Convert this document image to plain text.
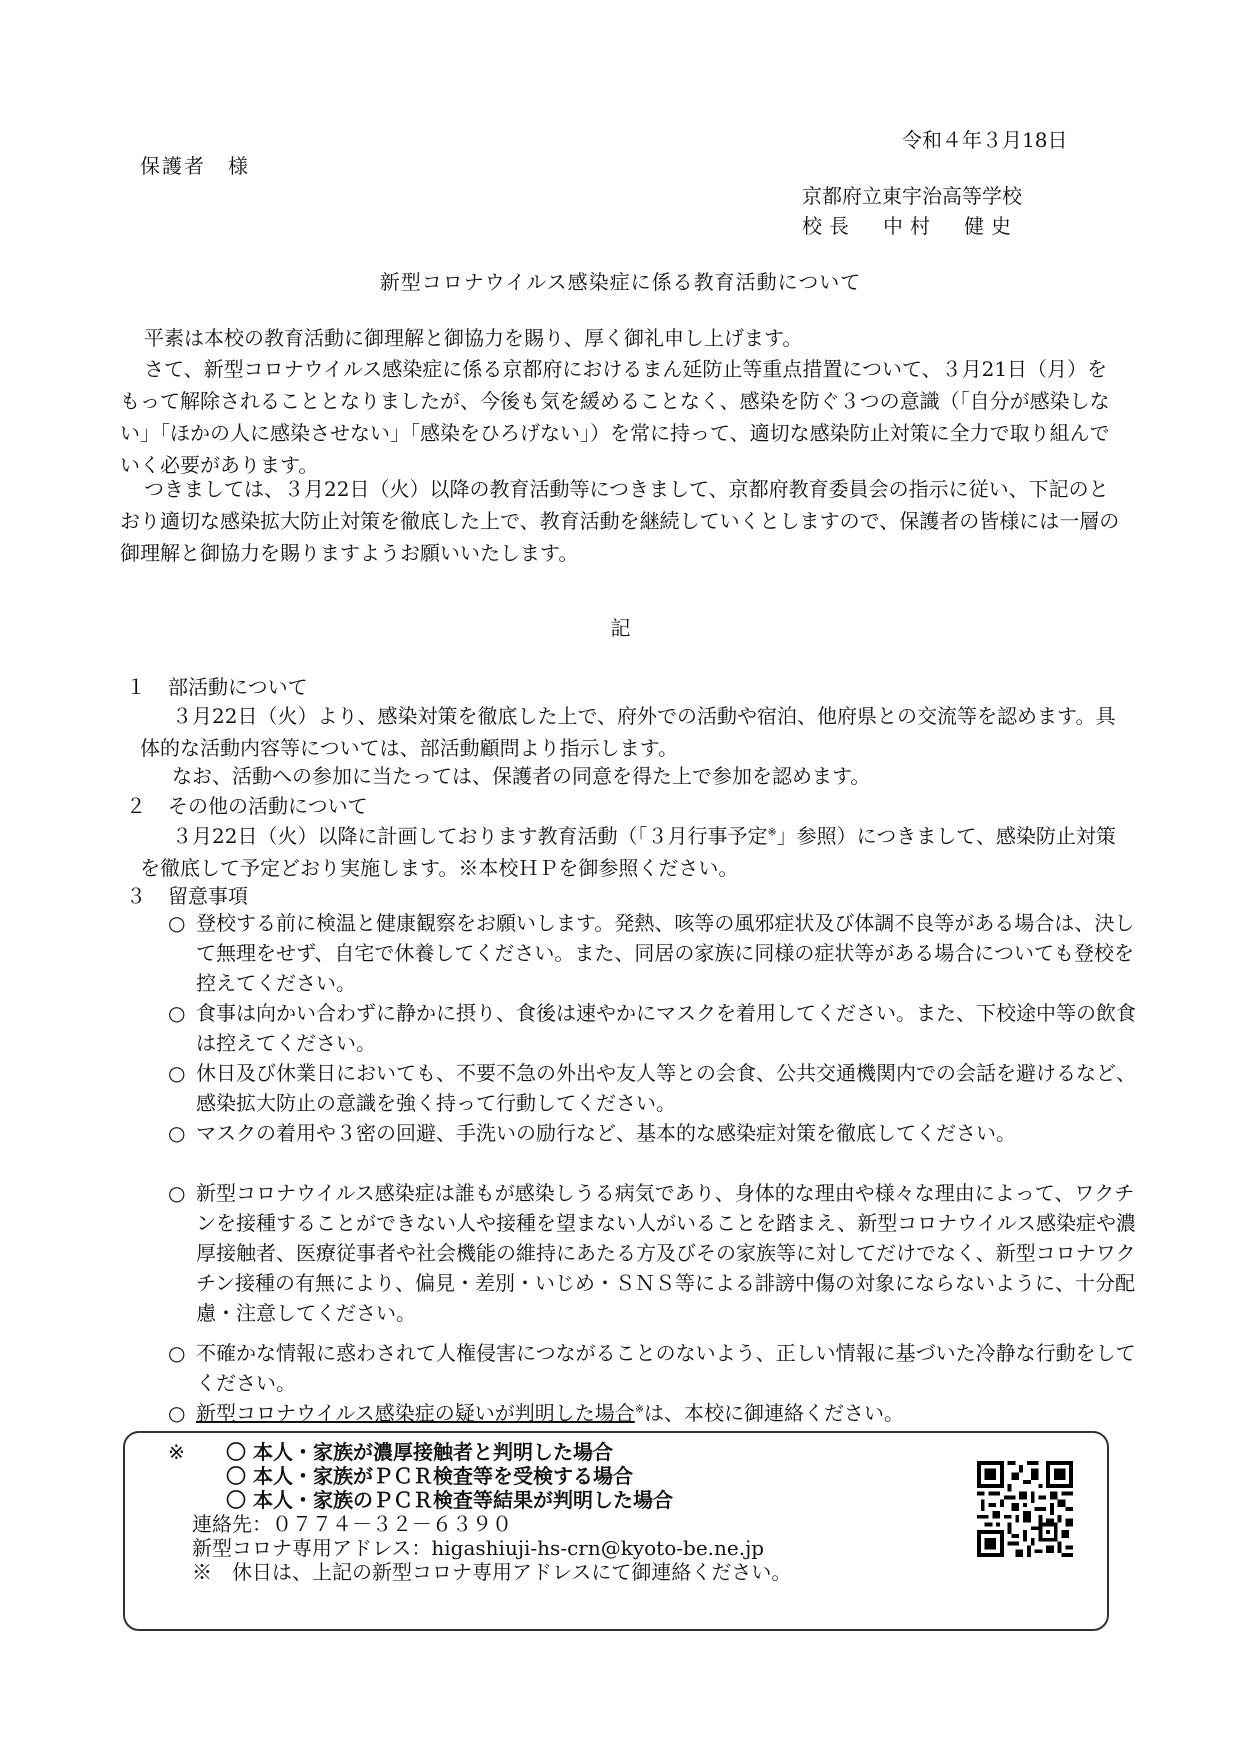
令和４年３月18日
保護者　様
京都府立東宇治高等学校
校長　中村　健史
新型コロナウイルス感染症に係る教育活動について
平素は本校の教育活動に御理解と御協力を賜り、厚く御礼申し上げます。
さて、新型コロナウイルス感染症に係る京都府におけるまん延防止等重点措置について、３月21日（月）をもって解除されることとなりましたが、今後も気を緩めることなく、感染を防ぐ３つの意識（「自分が感染しない」「ほかの人に感染させない」「感染をひろげない」）を常に持って、適切な感染防止対策に全力で取り組んでいく必要があります。
つきましては、３月22日（火）以降の教育活動等につきまして、京都府教育委員会の指示に従い、下記のとおり適切な感染拡大防止対策を徹底した上で、教育活動を継続していくとしますので、保護者の皆様には一層の御理解と御協力を賜りますようお願いいたします。
記
１ 部活動について
３月22日（火）より、感染対策を徹底した上で、府外での活動や宿泊、他府県との交流等を認めます。具体的な活動内容等については、部活動顧問より指示します。
なお、活動への参加に当たっては、保護者の同意を得た上で参加を認めます。
２ その他の活動について
３月22日（火）以降に計画しております教育活動（「３月行事予定※」参照）につきまして、感染防止対策を徹底して予定どおり実施します。※本校ＨＰを御参照ください。
３ 留意事項
○ 登校する前に検温と健康観察をお願いします。発熱、咳等の風邪症状及び体調不良等がある場合は、決して無理をせず、自宅で休養してください。また、同居の家族に同様の症状等がある場合についても登校を控えてください。
○ 食事は向かい合わずに静かに摂り、食後は速やかにマスクを着用してください。また、下校途中等の飲食は控えてください。
○ 休日及び休業日においても、不要不急の外出や友人等との会食、公共交通機関内での会話を避けるなど、感染拡大防止の意識を強く持って行動してください。
○ マスクの着用や３密の回避、手洗いの励行など、基本的な感染症対策を徹底してください。
○ 新型コロナウイルス感染症は誰もが感染しうる病気であり、身体的な理由や様々な理由によって、ワクチンを接種することができない人や接種を望まない人がいることを踏まえ、新型コロナウイルス感染症や濃厚接触者、医療従事者や社会機能の維持にあたる方及びその家族等に対してだけでなく、新型コロナワクチン接種の有無により、偏見・差別・いじめ・ＳＮＳ等による誹謗中傷の対象にならないように、十分配慮・注意してください。
○ 不確かな情報に惑わされて人権侵害につながることのないよう、正しい情報に基づいた冷静な行動をしてください。
○ 新型コロナウイルス感染症の疑いが判明した場合※は、本校に御連絡ください。
※ 〇 本人・家族が濃厚接触者と判明した場合
〇 本人・家族がＰＣＲ検査等を受検する場合
〇 本人・家族のＰＣＲ検査等結果が判明した場合
連絡先：０７７４－３２－６３９０
新型コロナ専用アドレス：higashiuji-hs-crn@kyoto-be.ne.jp
※　休日は、上記の新型コロナ専用アドレスにて御連絡ください。
